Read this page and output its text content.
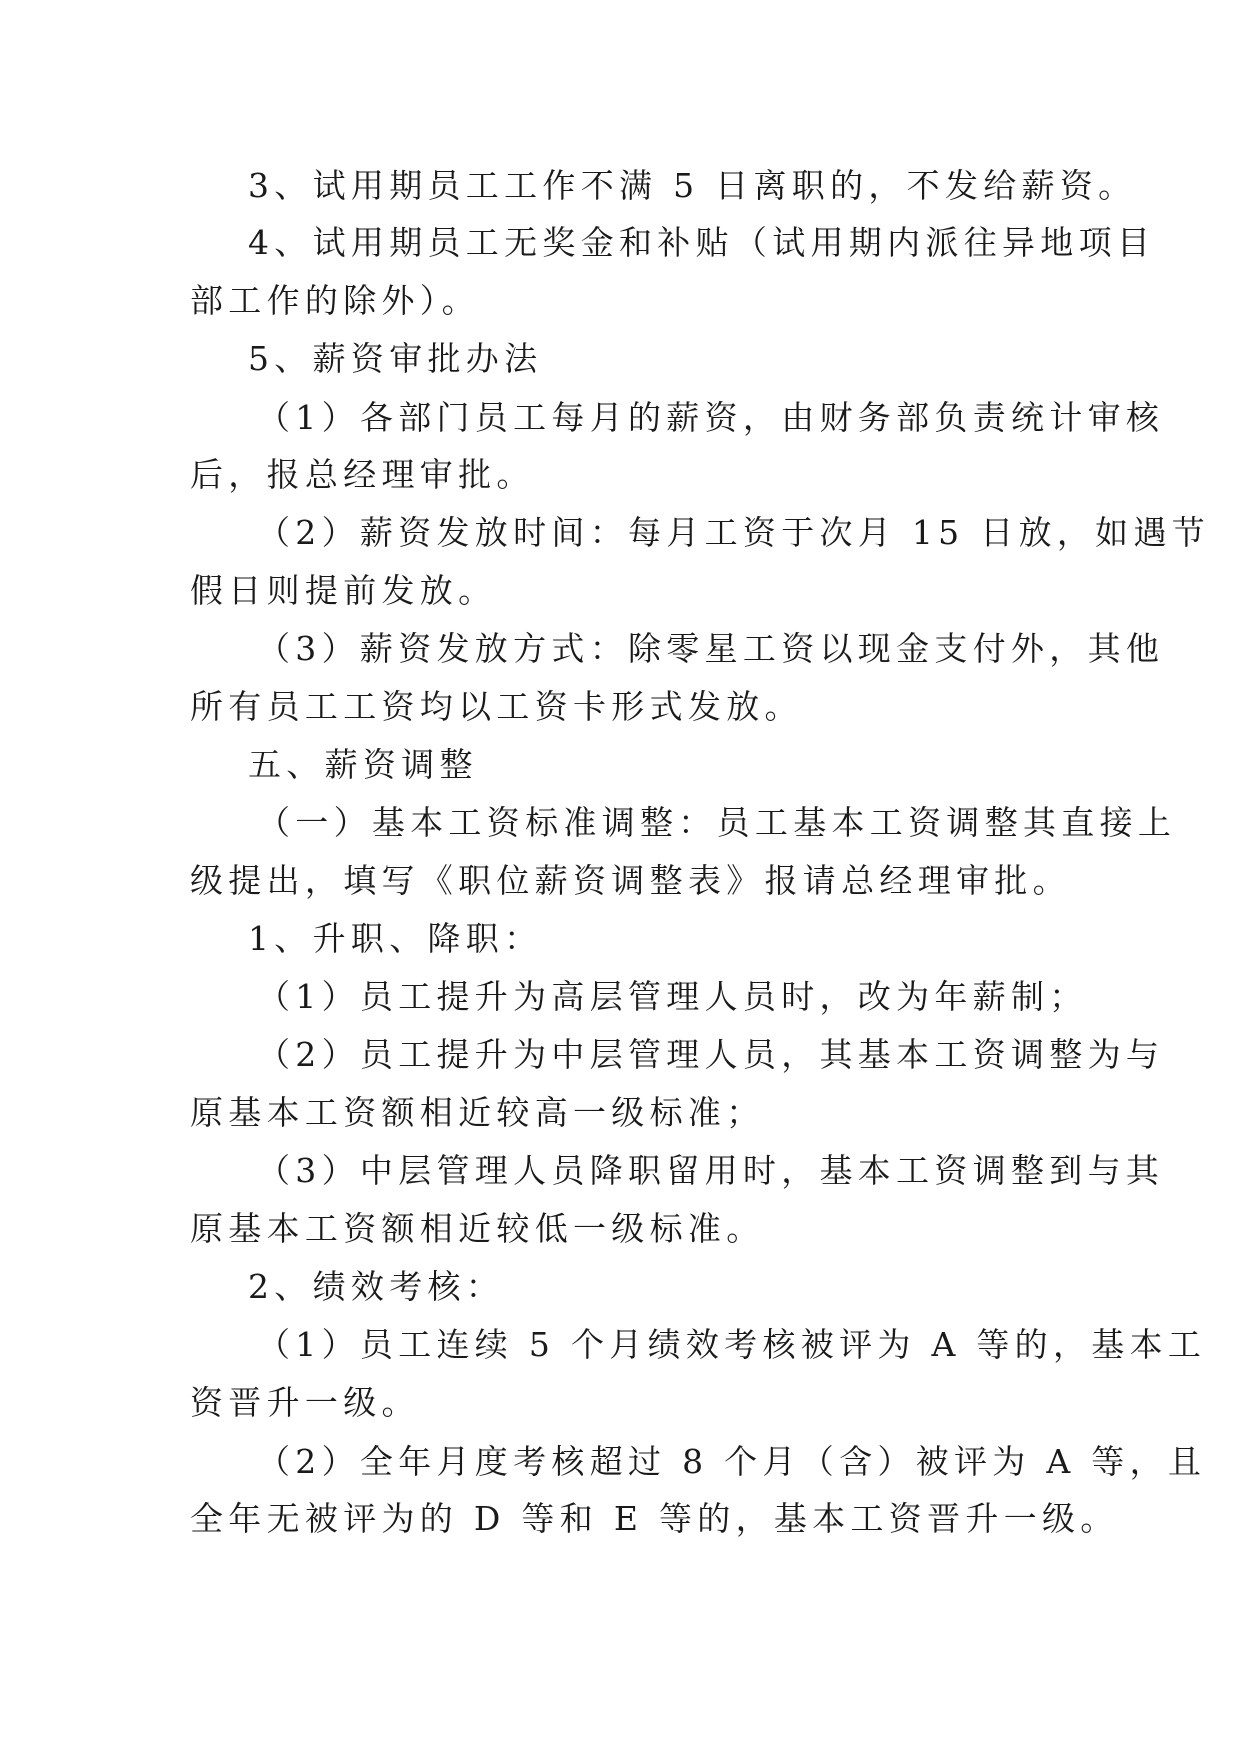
3、试用期员工工作不满 5 日离职的，不发给薪资。

4、试用期员工无奖金和补贴（试用期内派往异地项目

部工作的除外）。

5、薪资审批办法

（1）各部门员工每月的薪资，由财务部负责统计审核

后，报总经理审批。

（2）薪资发放时间：每月工资于次月 15 日放，如遇节

假日则提前发放。

（3）薪资发放方式：除零星工资以现金支付外，其他

所有员工工资均以工资卡形式发放。

五、薪资调整

（一）基本工资标准调整：员工基本工资调整其直接上

级提出，填写《职位薪资调整表》报请总经理审批。

1、升职、降职：

（1）员工提升为高层管理人员时，改为年薪制；

（2）员工提升为中层管理人员，其基本工资调整为与

原基本工资额相近较高一级标准；

（3）中层管理人员降职留用时，基本工资调整到与其

原基本工资额相近较低一级标准。

2、绩效考核：

（1）员工连续 5 个月绩效考核被评为 A 等的，基本工

资晋升一级。

（2）全年月度考核超过 8 个月（含）被评为 A 等，且

全年无被评为的 D 等和 E 等的，基本工资晋升一级。
